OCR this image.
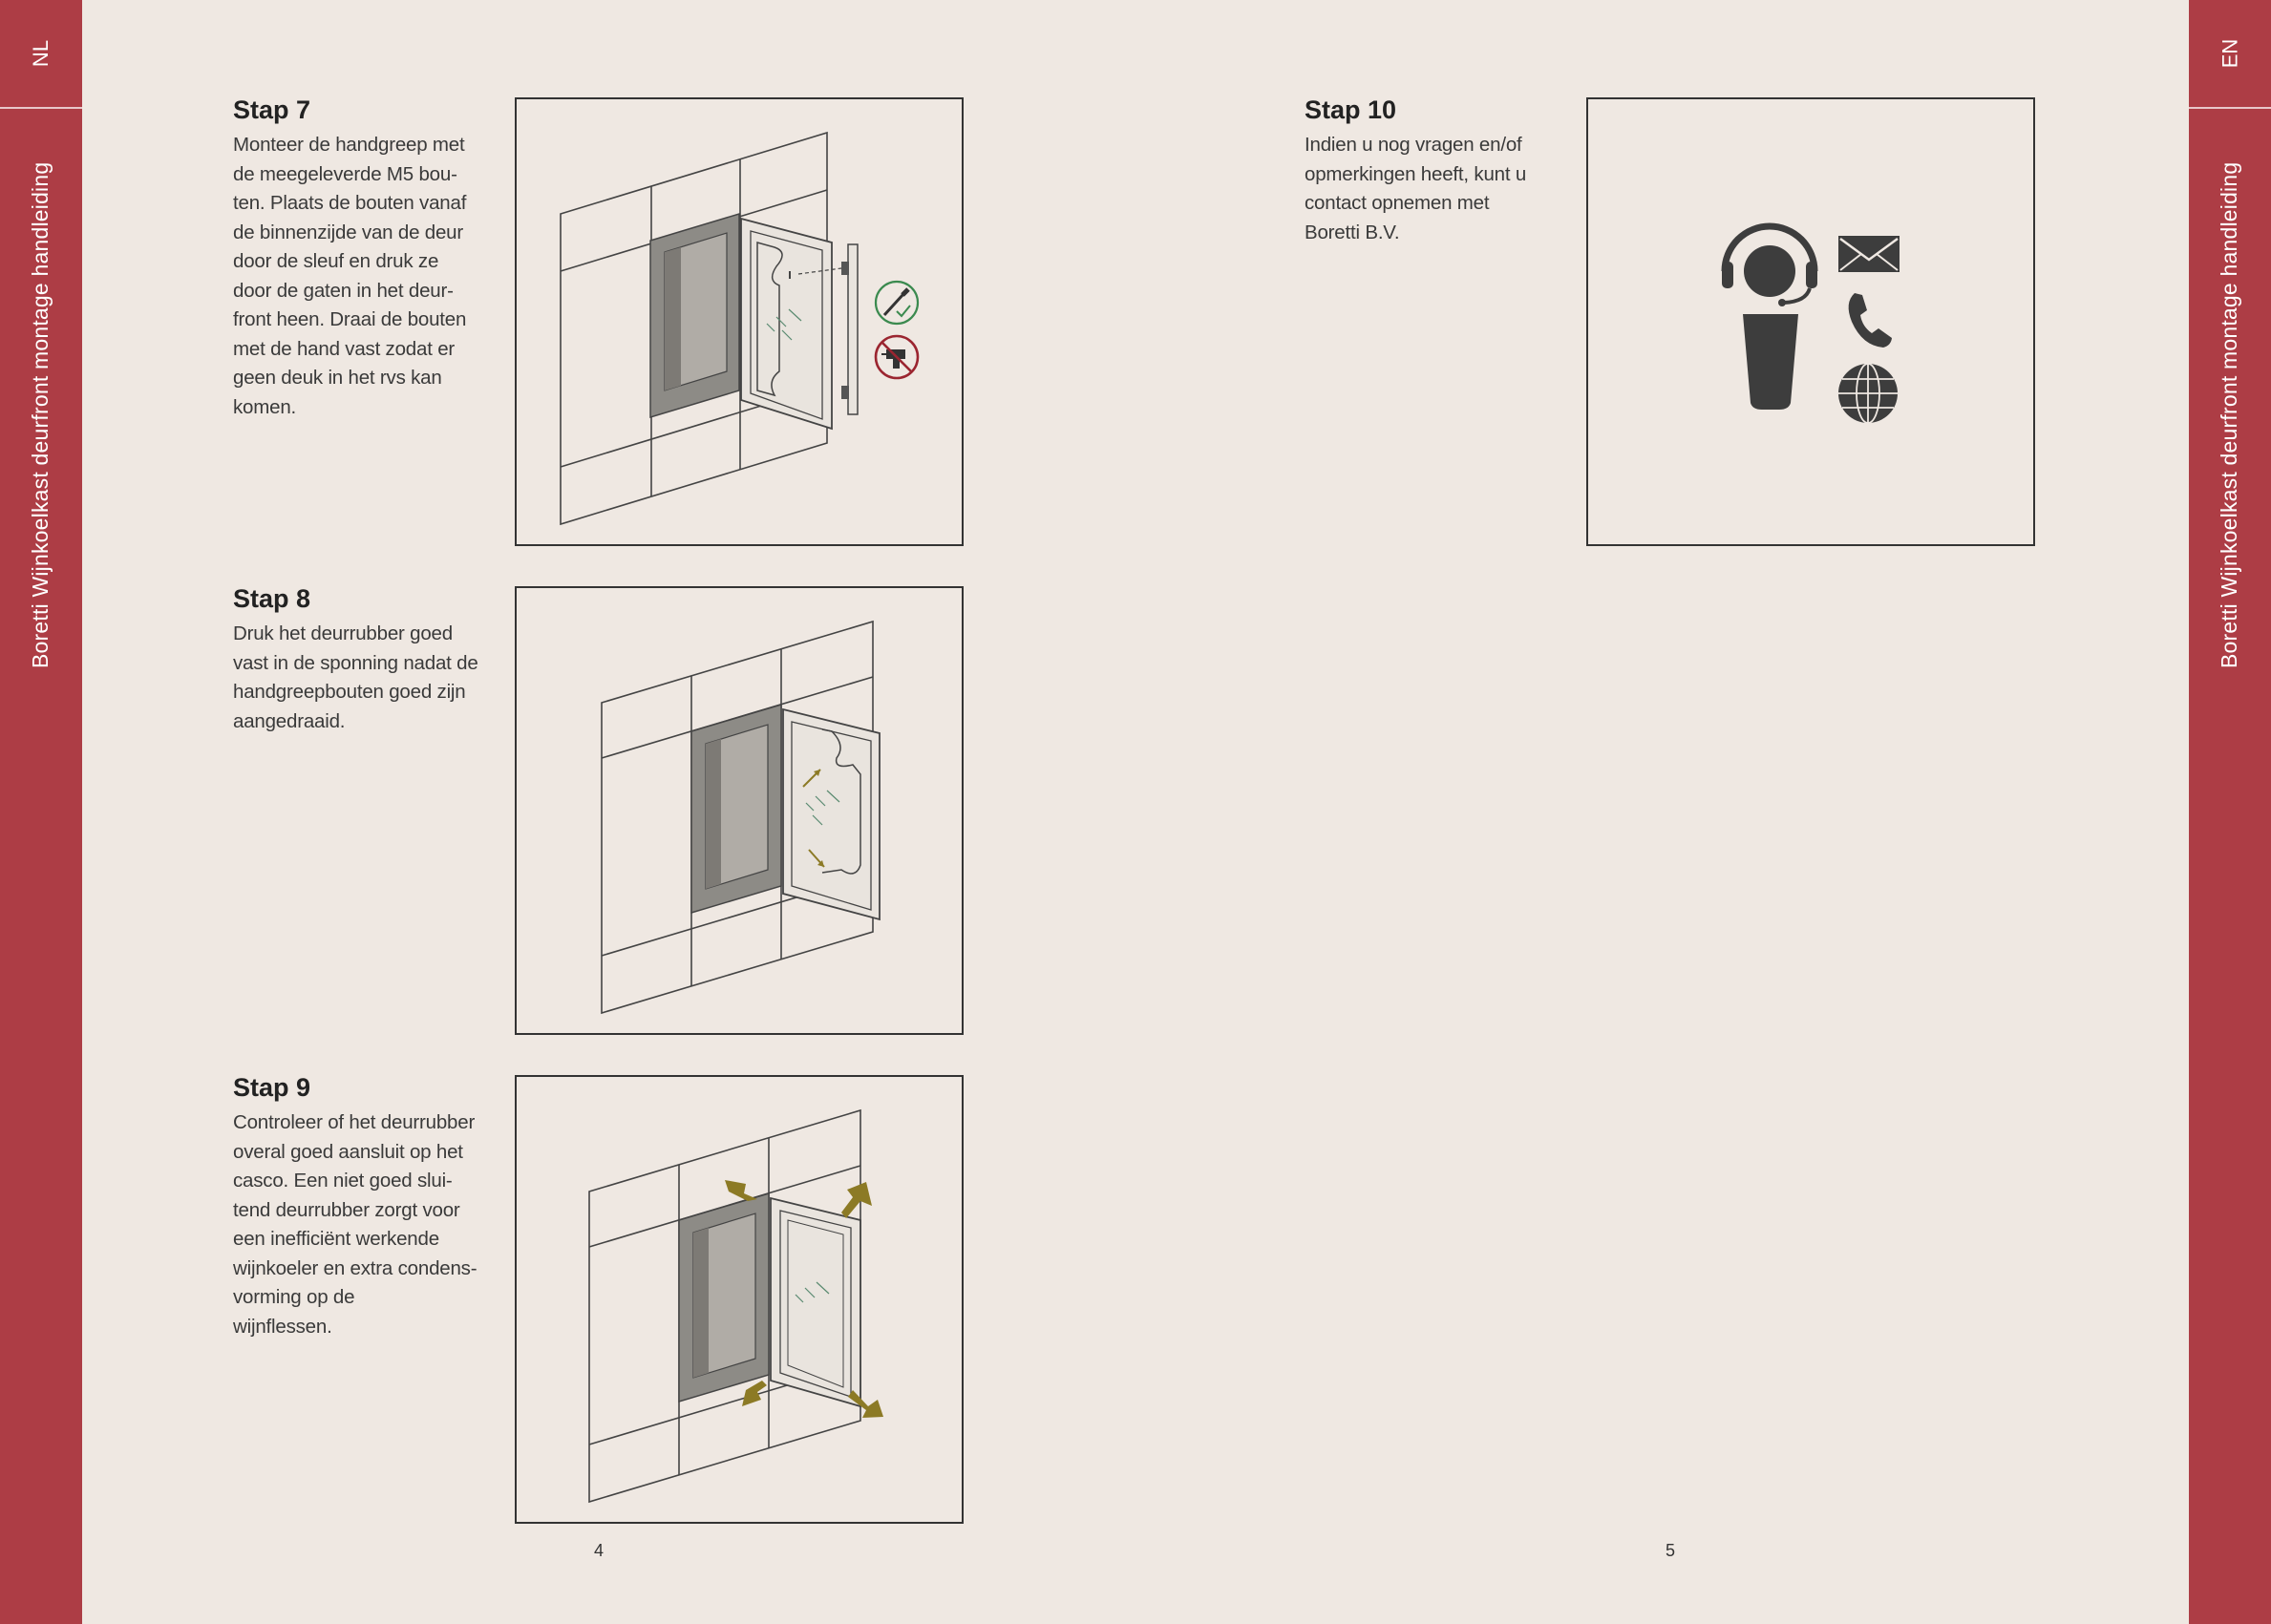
NL
Boretti Wijnkoelkast deurfront montage handleiding
EN
Boretti Wijnkoelkast deurfront montage handleiding
Stap 7

Monteer de handgreep met
de meegeleverde M5 bou-
ten. Plaats de bouten vanaf
de binnenzijde van de deur
door de sleuf en druk ze
door de gaten in het deur-
front heen. Draai de bouten
met de hand vast zodat er
geen deuk in het rvs kan
komen.

Stap 8

Druk het deurrubber goed
vast in de sponning nadat de
handgreepbouten goed zijn
aangedraaid.

Stap 9

Controleer of het deurrubber
overal goed aansluit op het
casco. Een niet goed slui-
tend deurrubber zorgt voor
een inefficiënt werkende
wijnkoeler en extra condens-
vorming op de
wijnflessen.

4
Stap 10

Indien u nog vragen en/of
opmerkingen heeft, kunt u
contact opnemen met
Boretti B.V.

5
